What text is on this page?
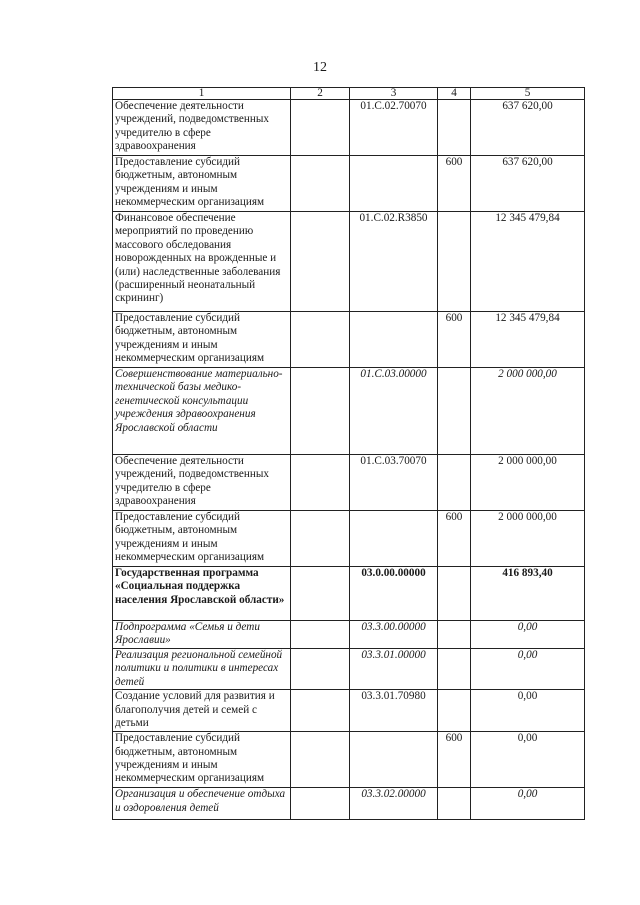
12
1	2	3	4	5
Обеспечение деятельности учреждений, подведомственных учредителю в сфере здравоохранения		01.С.02.70070		637 620,00
Предоставление субсидий бюджетным, автономным учреждениям и иным некоммерческим организациям			600	637 620,00
Финансовое обеспечение мероприятий по проведению массового обследования новорожденных на врожденные и (или) наследственные заболевания (расширенный неонатальный скрининг)		01.С.02.R3850		12 345 479,84
Предоставление субсидий бюджетным, автономным учреждениям и иным некоммерческим организациям			600	12 345 479,84
Совершенствование материально-технической базы медико-генетической консультации учреждения здравоохранения Ярославской области		01.С.03.00000		2 000 000,00
Обеспечение деятельности учреждений, подведомственных учредителю в сфере здравоохранения		01.С.03.70070		2 000 000,00
Предоставление субсидий бюджетным, автономным учреждениям и иным некоммерческим организациям			600	2 000 000,00
Государственная программа «Социальная поддержка населения Ярославской области»		03.0.00.00000		416 893,40
Подпрограмма «Семья и дети Ярославии»		03.3.00.00000		0,00
Реализация региональной семейной политики и политики в интересах детей		03.3.01.00000		0,00
Создание условий для развития и благополучия детей и семей с детьми		03.3.01.70980		0,00
Предоставление субсидий бюджетным, автономным учреждениям и иным некоммерческим организациям			600	0,00
Организация и обеспечение отдыха и оздоровления детей		03.3.02.00000		0,00
